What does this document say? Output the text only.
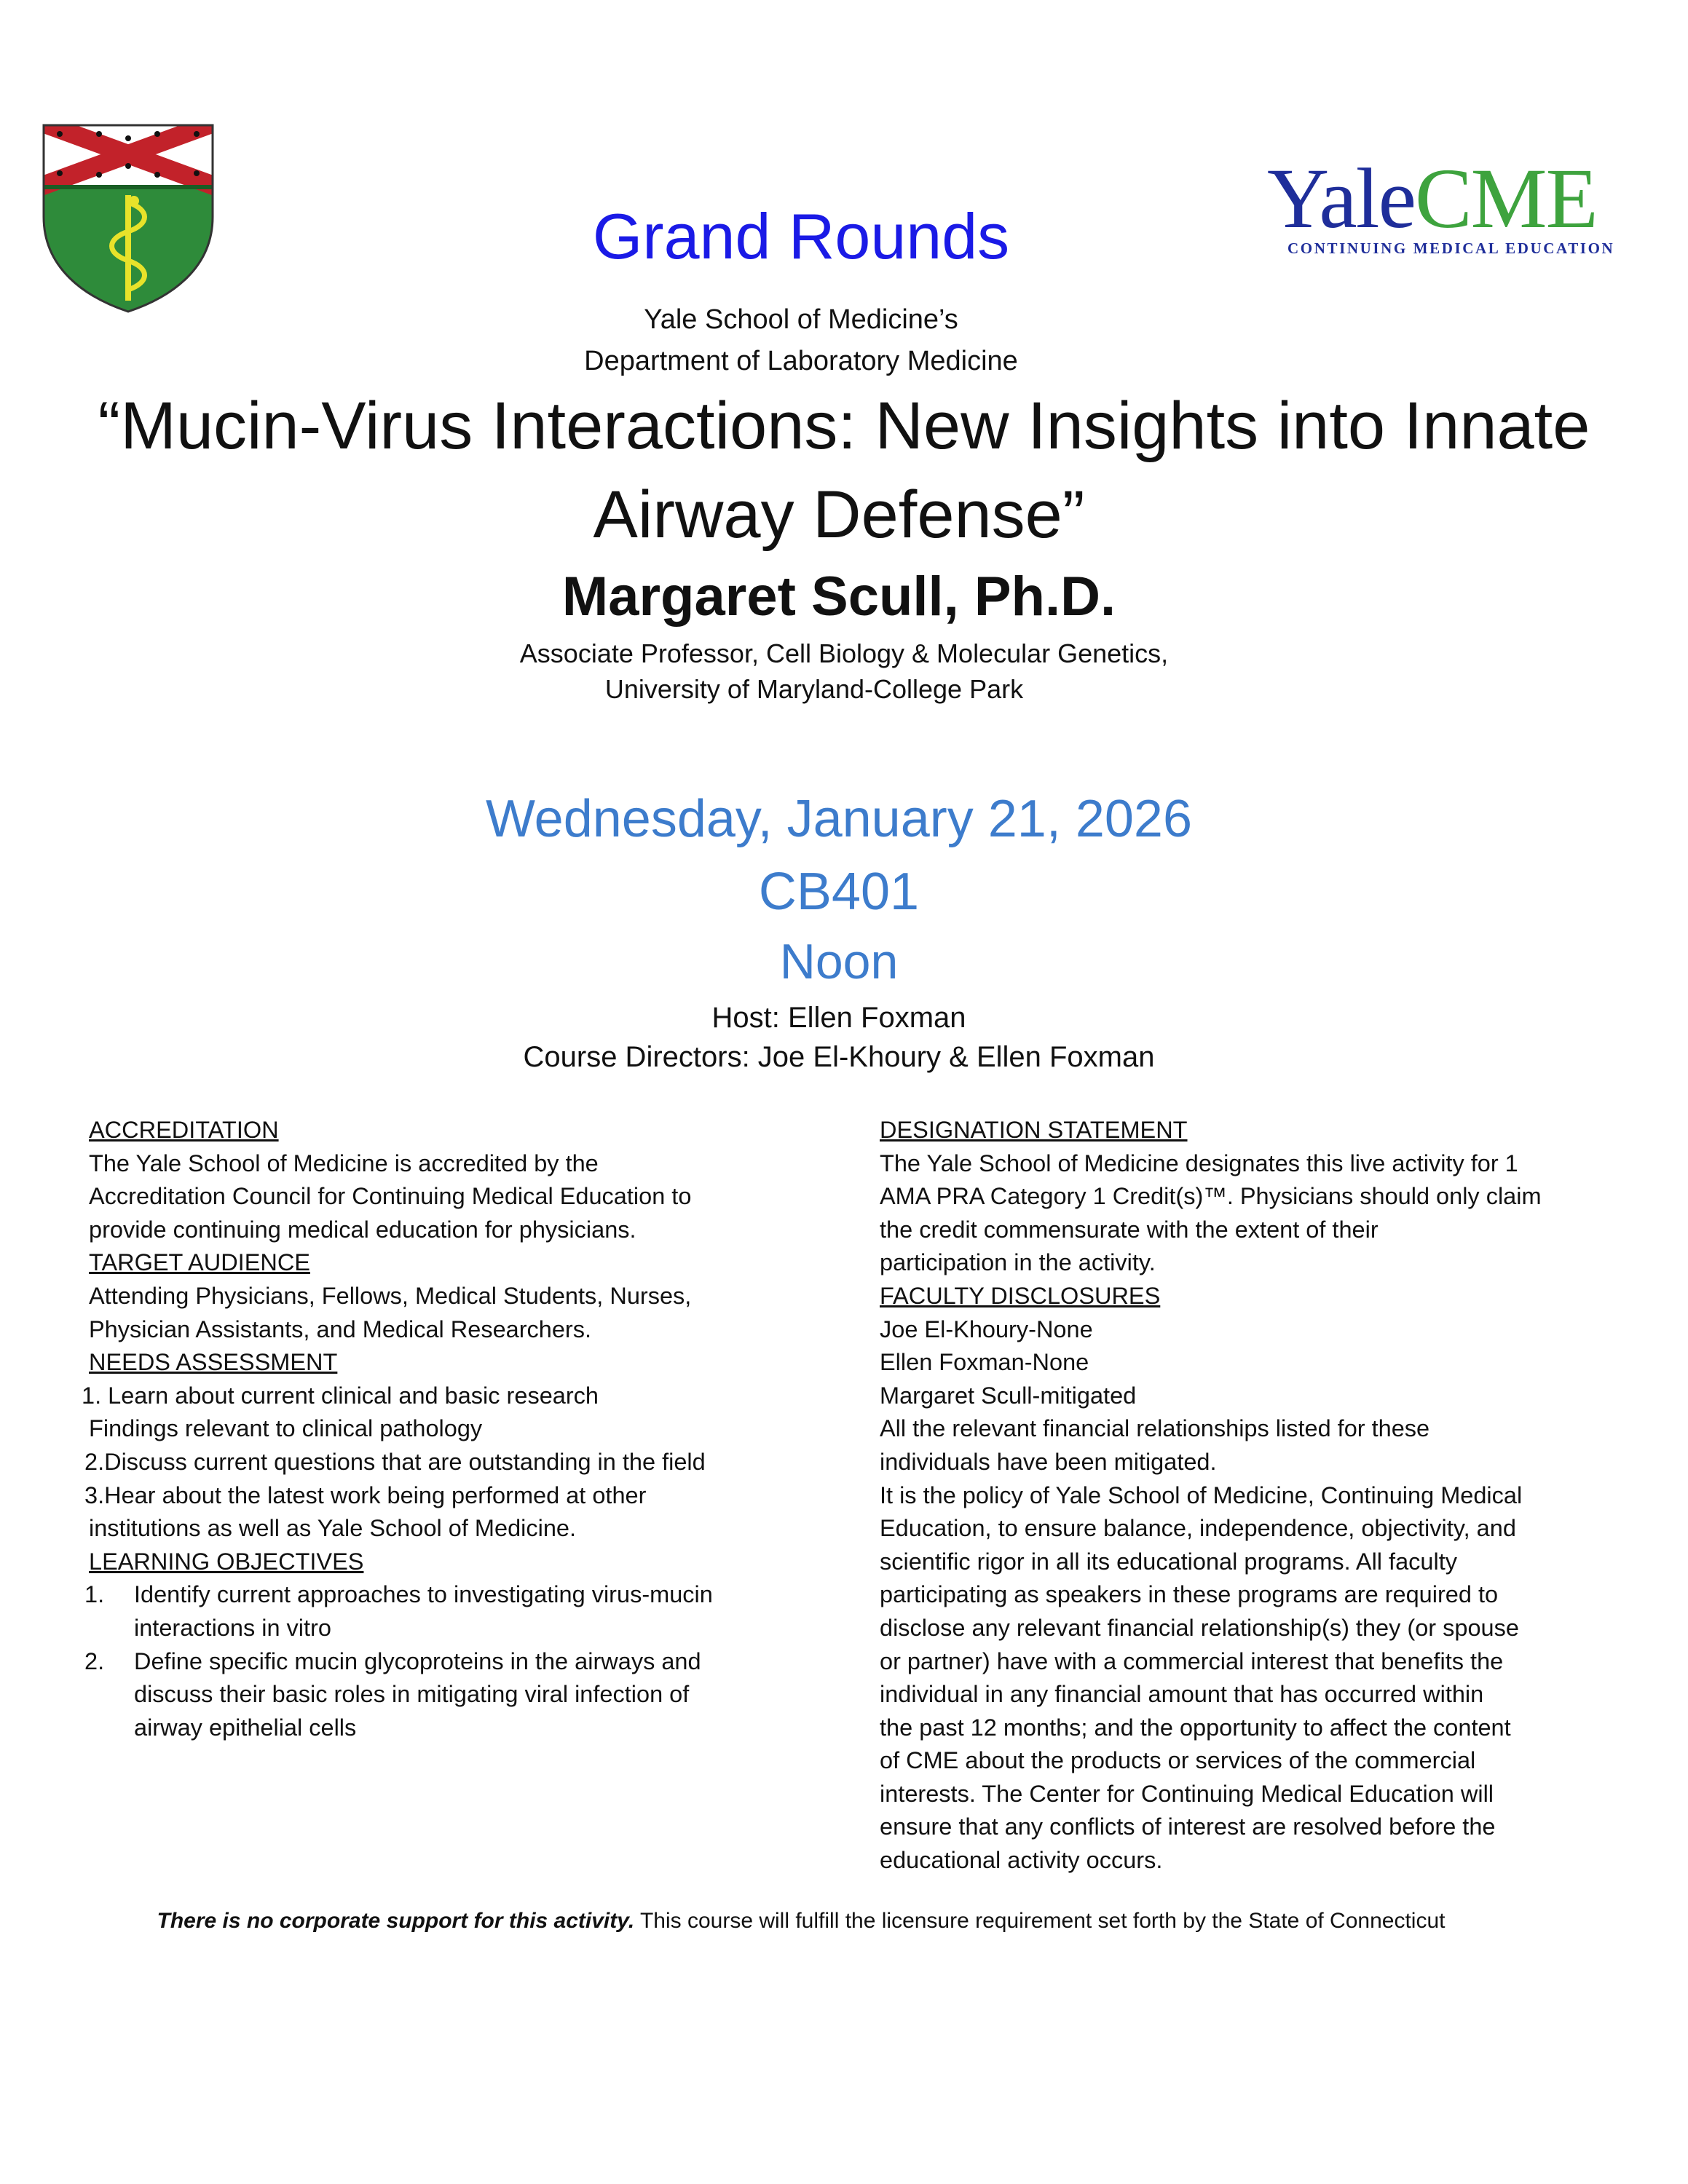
YaleCME
CONTINUING MEDICAL EDUCATION
Grand Rounds
Yale School of Medicine’s
Department of Laboratory Medicine
“Mucin-Virus Interactions: New Insights into Innate
Airway Defense”
Margaret Scull, Ph.D.
Associate Professor, Cell Biology & Molecular Genetics,
University of Maryland-College Park
Wednesday, January 21, 2026
CB401
Noon
Host: Ellen Foxman
Course Directors: Joe El-Khoury & Ellen Foxman
ACCREDITATION
The Yale School of Medicine is accredited by the
Accreditation Council for Continuing Medical Education to
provide continuing medical education for physicians.
TARGET AUDIENCE
Attending Physicians, Fellows, Medical Students, Nurses,
Physician Assistants, and Medical Researchers.
NEEDS ASSESSMENT
1. Learn about current clinical and basic research
Findings relevant to clinical pathology
2.Discuss current questions that are outstanding in the field
3.Hear about the latest work being performed at other
institutions as well as Yale School of Medicine.
LEARNING OBJECTIVES
1. Identify current approaches to investigating virus-mucin
interactions in vitro
2. Define specific mucin glycoproteins in the airways and
discuss their basic roles in mitigating viral infection of
airway epithelial cells
DESIGNATION STATEMENT
The Yale School of Medicine designates this live activity for 1
AMA PRA Category 1 Credit(s)™. Physicians should only claim
the credit commensurate with the extent of their
participation in the activity.
FACULTY DISCLOSURES
Joe El-Khoury-None
Ellen Foxman-None
Margaret Scull-mitigated
All the relevant financial relationships listed for these
individuals have been mitigated.
It is the policy of Yale School of Medicine, Continuing Medical
Education, to ensure balance, independence, objectivity, and
scientific rigor in all its educational programs. All faculty
participating as speakers in these programs are required to
disclose any relevant financial relationship(s) they (or spouse
or partner) have with a commercial interest that benefits the
individual in any financial amount that has occurred within
the past 12 months; and the opportunity to affect the content
of CME about the products or services of the commercial
interests. The Center for Continuing Medical Education will
ensure that any conflicts of interest are resolved before the
educational activity occurs.
There is no corporate support for this activity. This course will fulfill the licensure requirement set forth by the State of Connecticut
